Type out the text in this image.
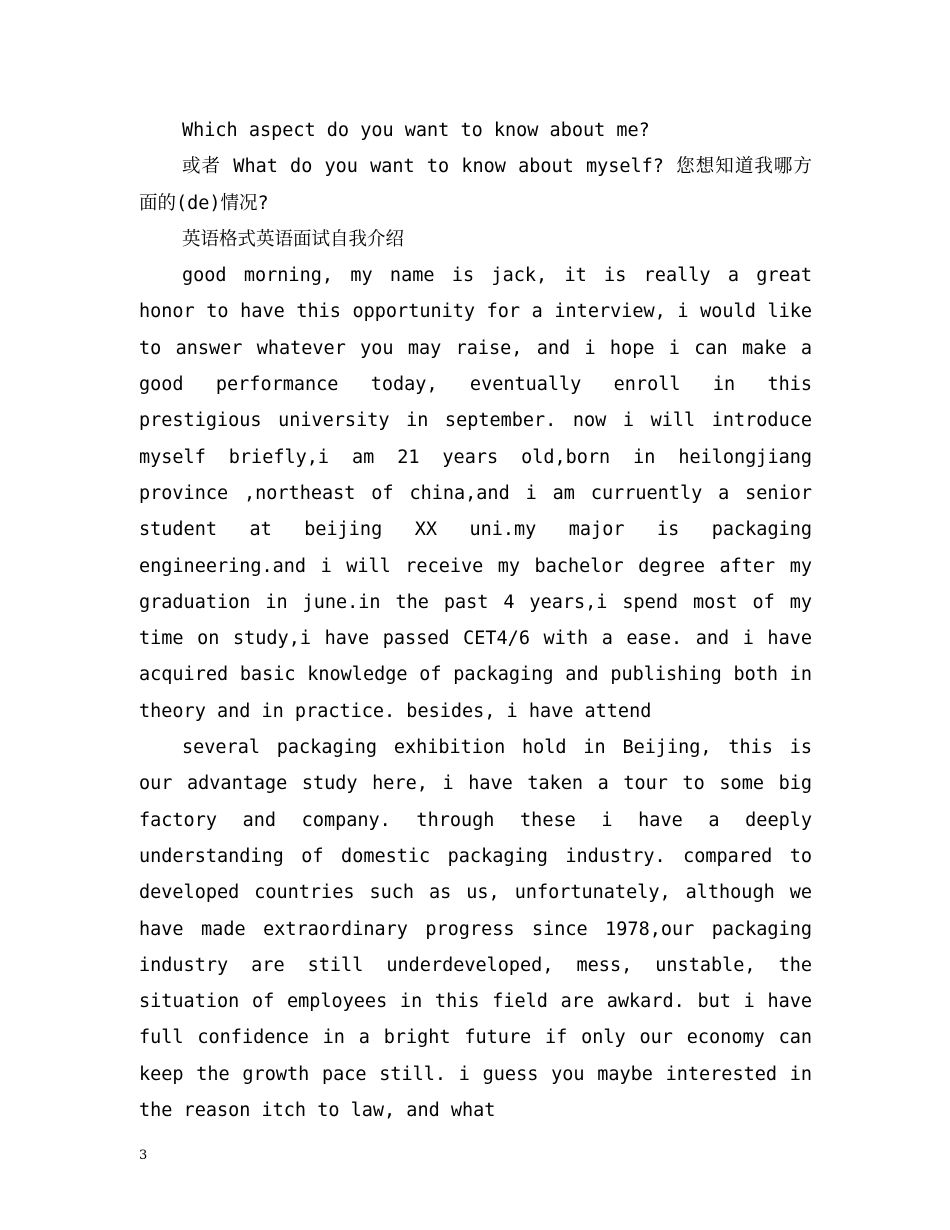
Which aspect do you want to know about me?

或者 What do you want to know about myself? 您想知道我哪方面的(de)情况?

英语格式英语面试自我介绍

good morning, my name is jack, it is really a great honor to have this opportunity for a interview, i would like to answer whatever you may raise, and i hope i can make a good performance today, eventually enroll in this prestigious university in september. now i will introduce myself briefly,i am 21 years old,born in heilongjiang province ,northeast of china,and i am curruently a senior student at beijing XX uni.my major is packaging engineering.and i will receive my bachelor degree after my graduation in june.in the past 4 years,i spend most of my time on study,i have passed CET4/6 with a ease. and i have acquired basic knowledge of packaging and publishing both in theory and in practice. besides, i have attend

several packaging exhibition hold in Beijing, this is our advantage study here, i have taken a tour to some big factory and company. through these i have a deeply understanding of domestic packaging industry. compared to developed countries such as us, unfortunately, although we have made extraordinary progress since 1978,our packaging industry are still underdeveloped, mess, unstable, the situation of employees in this field are awkard. but i have full confidence in a bright future if only our economy can keep the growth pace still. i guess you maybe interested in the reason itch to law, and what

3
